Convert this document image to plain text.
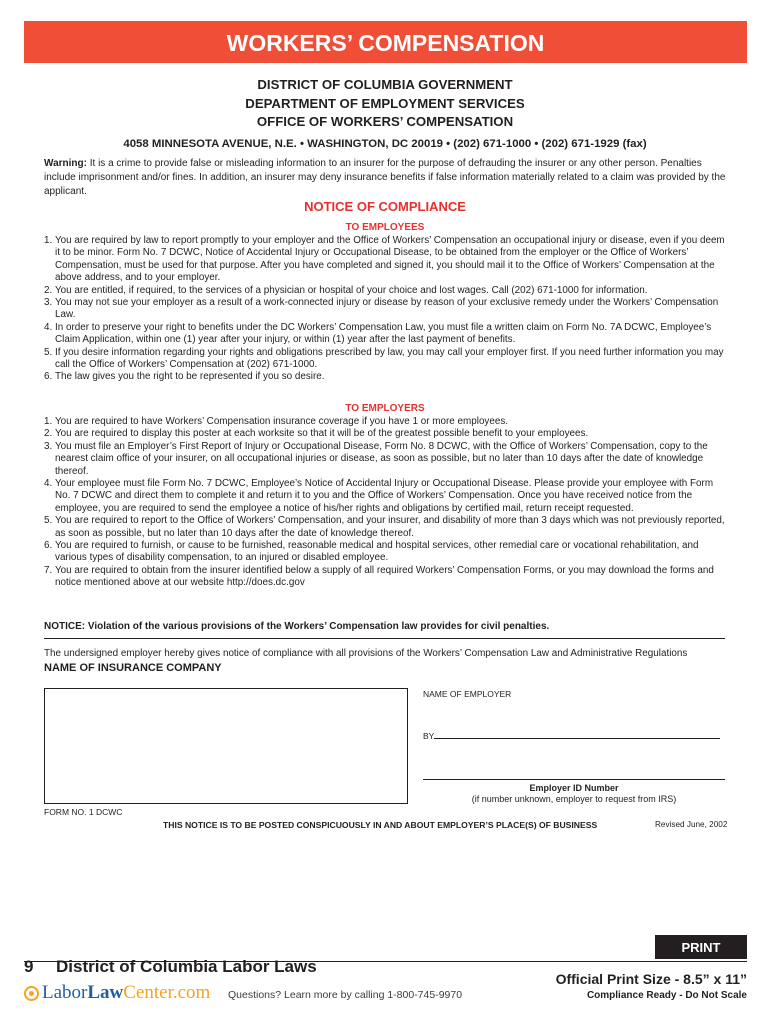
WORKERS’ COMPENSATION
DISTRICT OF COLUMBIA GOVERNMENT
DEPARTMENT OF EMPLOYMENT SERVICES
OFFICE OF WORKERS’ COMPENSATION
4058 MINNESOTA AVENUE, N.E. • WASHINGTON, DC 20019 • (202) 671-1000 • (202) 671-1929 (fax)
Warning: It is a crime to provide false or misleading information to an insurer for the purpose of defrauding the insurer or any other person. Penalties include imprisonment and/or fines. In addition, an insurer may deny insurance benefits if false information materially related to a claim was provided by the applicant.
NOTICE OF COMPLIANCE
TO EMPLOYEES
1. You are required by law to report promptly to your employer and the Office of Workers’ Compensation an occupational injury or disease, even if you deem it to be minor. Form No. 7 DCWC, Notice of Accidental Injury or Occupational Disease, to be obtained from the employer or the Office of Workers’ Compensation, must be used for that purpose. After you have completed and signed it, you should mail it to the Office of Workers’ Compensation at the above address, and to your employer.
2. You are entitled, if required, to the services of a physician or hospital of your choice and lost wages. Call (202) 671-1000 for information.
3. You may not sue your employer as a result of a work-connected injury or disease by reason of your exclusive remedy under the Workers’ Compensation Law.
4. In order to preserve your right to benefits under the DC Workers’ Compensation Law, you must file a written claim on Form No. 7A DCWC, Employee’s Claim Application, within one (1) year after your injury, or within (1) year after the last payment of benefits.
5. If you desire information regarding your rights and obligations prescribed by law, you may call your employer first. If you need further information you may call the Office of Workers’ Compensation at (202) 671-1000.
6. The law gives you the right to be represented if you so desire.
TO EMPLOYERS
1. You are required to have Workers’ Compensation insurance coverage if you have 1 or more employees.
2. You are required to display this poster at each worksite so that it will be of the greatest possible benefit to your employees.
3. You must file an Employer’s First Report of Injury or Occupational Disease, Form No. 8 DCWC, with the Office of Workers’ Compensation, copy to the nearest claim office of your insurer, on all occupational injuries or disease, as soon as possible, but no later than 10 days after the date of knowledge thereof.
4. Your employee must file Form No. 7 DCWC, Employee’s Notice of Accidental Injury or Occupational Disease. Please provide your employee with Form No. 7 DCWC and direct them to complete it and return it to you and the Office of Workers’ Compensation. Once you have received notice from the employee, you are required to send the employee a notice of his/her rights and obligations by certified mail, return receipt requested.
5. You are required to report to the Office of Workers’ Compensation, and your insurer, and disability of more than 3 days which was not previously reported, as soon as possible, but no later than 10 days after the date of knowledge thereof.
6. You are required to furnish, or cause to be furnished, reasonable medical and hospital services, other remedial care or vocational rehabilitation, and various types of disability compensation, to an injured or disabled employee.
7. You are required to obtain from the insurer identified below a supply of all required Workers’ Compensation Forms, or you may download the forms and notice mentioned above at our website http://does.dc.gov
NOTICE: Violation of the various provisions of the Workers’ Compensation law provides for civil penalties.
The undersigned employer hereby gives notice of compliance with all provisions of the Workers’ Compensation Law and Administrative Regulations
NAME OF INSURANCE COMPANY
NAME OF EMPLOYER
BY
Employer ID Number
(if number unknown, employer to request from IRS)
FORM NO. 1 DCWC
THIS NOTICE IS TO BE POSTED CONSPICUOUSLY IN AND ABOUT EMPLOYER’S PLACE(S) OF BUSINESS	Revised June, 2002
PRINT
9 District of Columbia Labor Laws
LaborLawCenter.com Questions? Learn more by calling 1-800-745-9970
Official Print Size - 8.5” x 11”
Compliance Ready - Do Not Scale
